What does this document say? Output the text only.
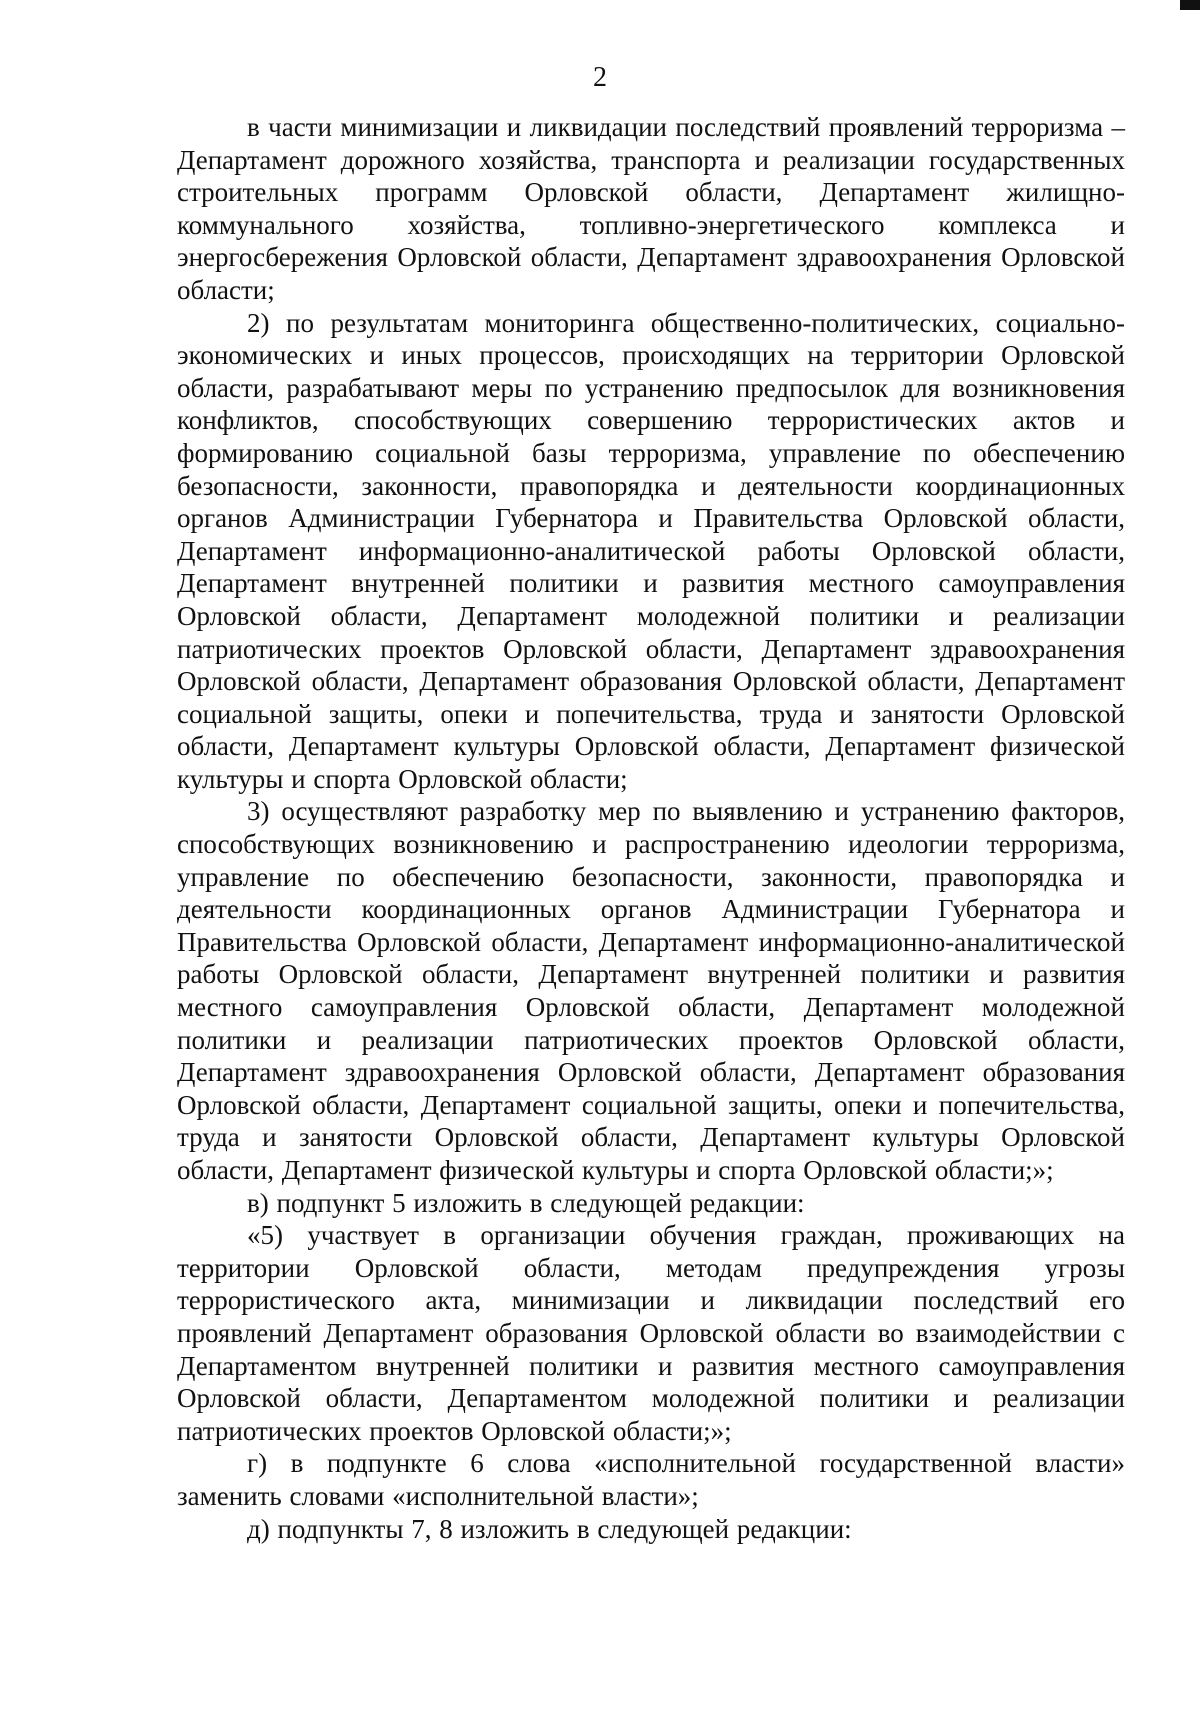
2

в части минимизации и ликвидации последствий проявлений терроризма – Департамент дорожного хозяйства, транспорта и реализации государственных строительных программ Орловской области, Департамент жилищно-коммунального хозяйства, топливно-энергетического комплекса и энергосбережения Орловской области, Департамент здравоохранения Орловской области;

2) по результатам мониторинга общественно-политических, социально-экономических и иных процессов, происходящих на территории Орловской области, разрабатывают меры по устранению предпосылок для возникновения конфликтов, способствующих совершению террористических актов и формированию социальной базы терроризма, управление по обеспечению безопасности, законности, правопорядка и деятельности координационных органов Администрации Губернатора и Правительства Орловской области, Департамент информационно-аналитической работы Орловской области, Департамент внутренней политики и развития местного самоуправления Орловской области, Департамент молодежной политики и реализации патриотических проектов Орловской области, Департамент здравоохранения Орловской области, Департамент образования Орловской области, Департамент социальной защиты, опеки и попечительства, труда и занятости Орловской области, Департамент культуры Орловской области, Департамент физической культуры и спорта Орловской области;

3) осуществляют разработку мер по выявлению и устранению факторов, способствующих возникновению и распространению идеологии терроризма, управление по обеспечению безопасности, законности, правопорядка и деятельности координационных органов Администрации Губернатора и Правительства Орловской области, Департамент информационно-аналитической работы Орловской области, Департамент внутренней политики и развития местного самоуправления Орловской области, Департамент молодежной политики и реализации патриотических проектов Орловской области, Департамент здравоохранения Орловской области, Департамент образования Орловской области, Департамент социальной защиты, опеки и попечительства, труда и занятости Орловской области, Департамент культуры Орловской области, Департамент физической культуры и спорта Орловской области;»;

в) подпункт 5 изложить в следующей редакции:

«5) участвует в организации обучения граждан, проживающих на территории Орловской области, методам предупреждения угрозы террористического акта, минимизации и ликвидации последствий его проявлений Департамент образования Орловской области во взаимодействии с Департаментом внутренней политики и развития местного самоуправления Орловской области, Департаментом молодежной политики и реализации патриотических проектов Орловской области;»;

г) в подпункте 6 слова «исполнительной государственной власти» заменить словами «исполнительной власти»;

д) подпункты 7, 8 изложить в следующей редакции:
